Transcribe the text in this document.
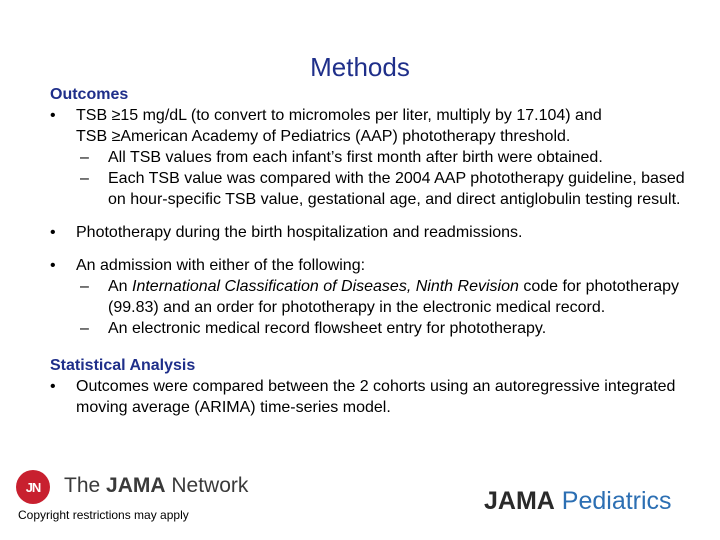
Methods
Outcomes
• TSB ≥15 mg/dL (to convert to micromoles per liter, multiply by 17.104) and
TSB ≥American Academy of Pediatrics (AAP) phototherapy threshold.
– All TSB values from each infant’s first month after birth were obtained.
– Each TSB value was compared with the 2004 AAP phototherapy guideline, based on hour-specific TSB value, gestational age, and direct antiglobulin testing result.
• Phototherapy during the birth hospitalization and readmissions.
• An admission with either of the following:
– An International Classification of Diseases, Ninth Revision code for phototherapy (99.83) and an order for phototherapy in the electronic medical record.
– An electronic medical record flowsheet entry for phototherapy.
Statistical Analysis
• Outcomes were compared between the 2 cohorts using an autoregressive integrated moving average (ARIMA) time-series model.
JN The JAMA Network
Copyright restrictions may apply	JAMA Pediatrics
